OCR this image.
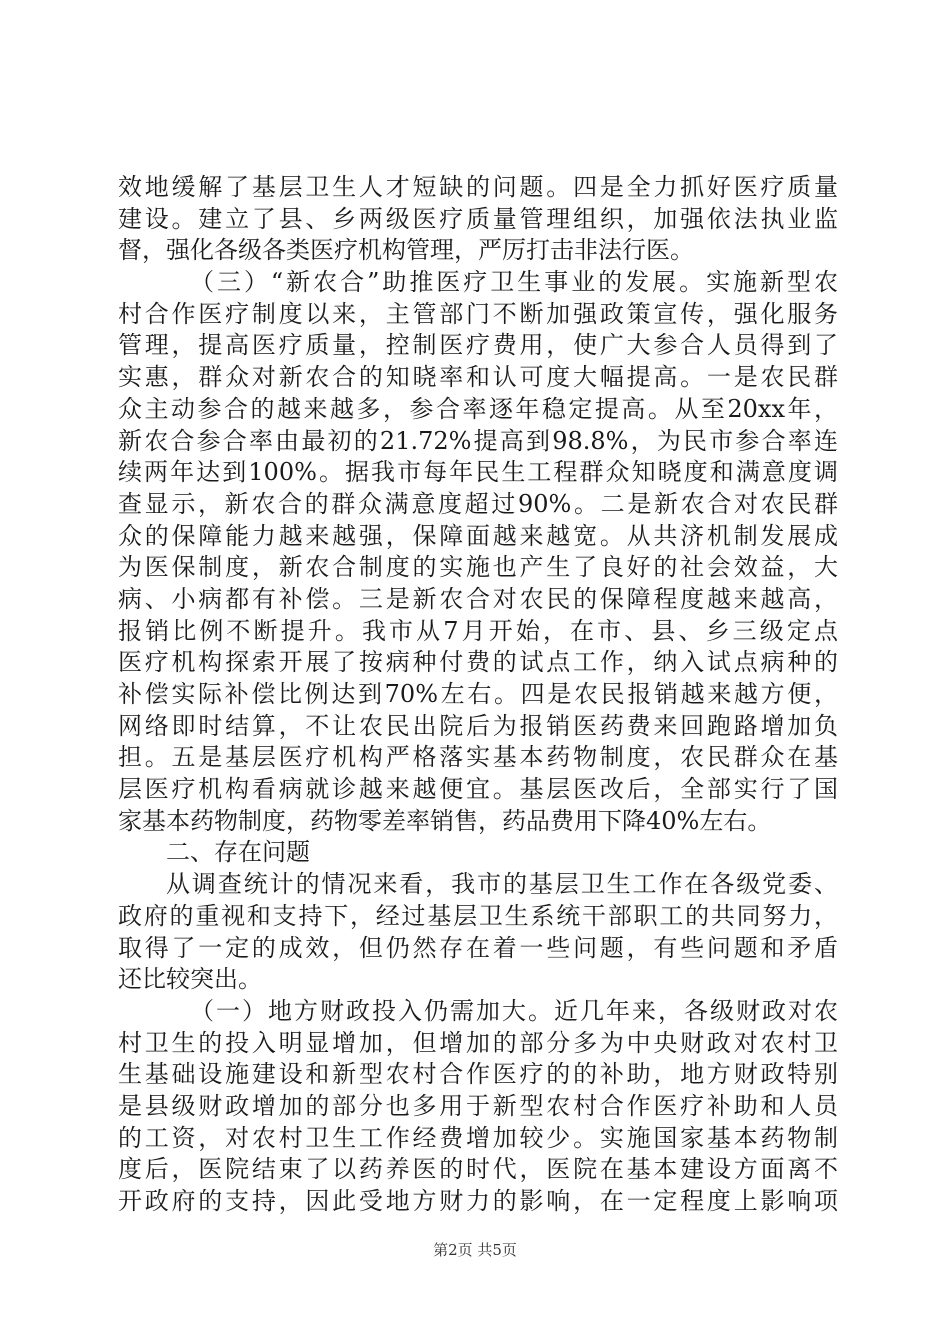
效地缓解了基层卫生人才短缺的问题。四是全力抓好医疗质量
建设。建立了县、乡两级医疗质量管理组织，加强依法执业监
督，强化各级各类医疗机构管理，严厉打击非法行医。
（三）“新农合”助推医疗卫生事业的发展。实施新型农
村合作医疗制度以来，主管部门不断加强政策宣传，强化服务
管理，提高医疗质量，控制医疗费用，使广大参合人员得到了
实惠，群众对新农合的知晓率和认可度大幅提高。一是农民群
众主动参合的越来越多，参合率逐年稳定提高。从至20xx年，
新农合参合率由最初的21.72%提高到98.8%，为民市参合率连
续两年达到100%。据我市每年民生工程群众知晓度和满意度调
查显示，新农合的群众满意度超过90%。二是新农合对农民群
众的保障能力越来越强，保障面越来越宽。从共济机制发展成
为医保制度，新农合制度的实施也产生了良好的社会效益，大
病、小病都有补偿。三是新农合对农民的保障程度越来越高，
报销比例不断提升。我市从7月开始，在市、县、乡三级定点
医疗机构探索开展了按病种付费的试点工作，纳入试点病种的
补偿实际补偿比例达到70%左右。四是农民报销越来越方便，
网络即时结算，不让农民出院后为报销医药费来回跑路增加负
担。五是基层医疗机构严格落实基本药物制度，农民群众在基
层医疗机构看病就诊越来越便宜。基层医改后，全部实行了国
家基本药物制度，药物零差率销售，药品费用下降40%左右。
二、存在问题
从调查统计的情况来看，我市的基层卫生工作在各级党委、
政府的重视和支持下，经过基层卫生系统干部职工的共同努力，
取得了一定的成效，但仍然存在着一些问题，有些问题和矛盾
还比较突出。
（一）地方财政投入仍需加大。近几年来，各级财政对农
村卫生的投入明显增加，但增加的部分多为中央财政对农村卫
生基础设施建设和新型农村合作医疗的的补助，地方财政特别
是县级财政增加的部分也多用于新型农村合作医疗补助和人员
的工资，对农村卫生工作经费增加较少。实施国家基本药物制
度后，医院结束了以药养医的时代，医院在基本建设方面离不
开政府的支持，因此受地方财力的影响，在一定程度上影响项
第2页 共5页
